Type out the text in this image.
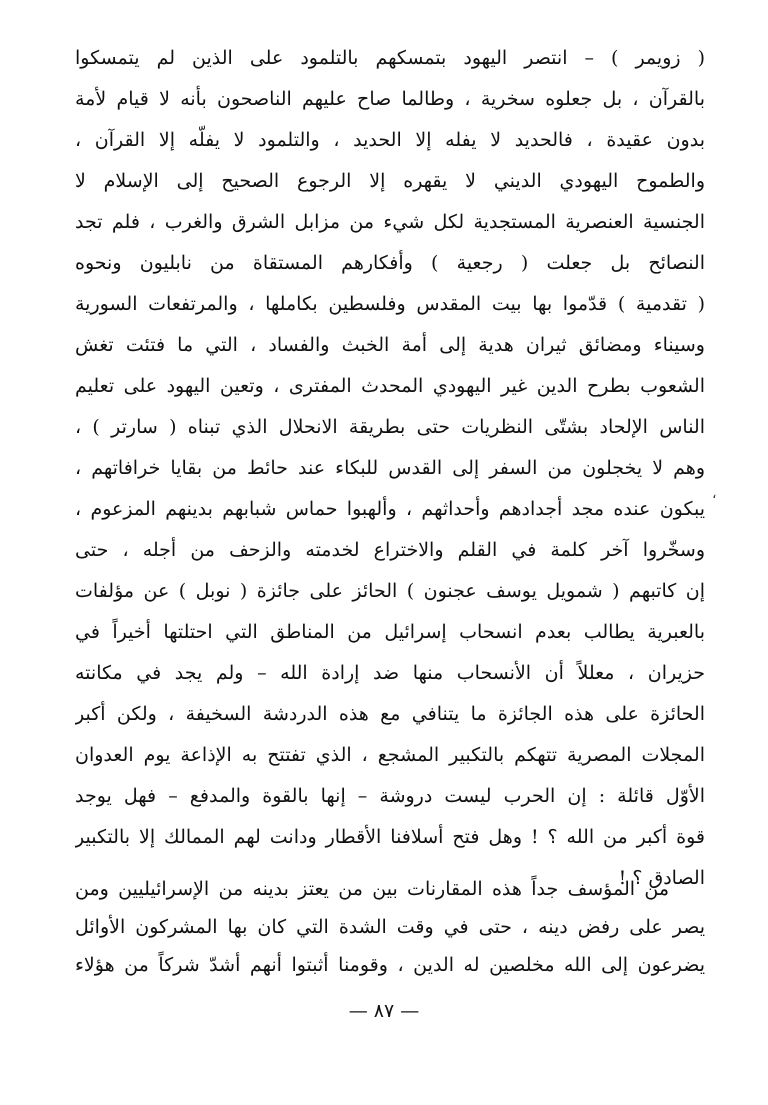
( زويمر ) – انتصر اليهود بتمسكهم بالتلمود على الذين لم يتمسكوا
بالقرآن ، بل جعلوه سخرية ، وطالما صاح عليهم الناصحون بأنه لا قيام لأمة
بدون عقيدة ، فالحديد لا يفله إلا الحديد ، والتلمود لا يفلّه إلا القرآن ،
والطموح اليهودي الديني لا يقهره إلا الرجوع الصحيح إلى الإسلام لا
الجنسية العنصرية المستجدية لكل شيء من مزابل الشرق والغرب ، فلم تجد
النصائح بل جعلت ( رجعية ) وأفكارهم المستقاة من نابليون ونحوه
( تقدمية ) قدّموا بها بيت المقدس وفلسطين بكاملها ، والمرتفعات السورية
وسيناء ومضائق ثيران هدية إلى أمة الخبث والفساد ، التي ما فتئت تغش
الشعوب بطرح الدين غير اليهودي المحدث المفترى ، وتعين اليهود على تعليم
الناس الإلحاد بشتّى النظريات حتى بطريقة الانحلال الذي تبناه ( سارتر ) ،
وهم لا يخجلون من السفر إلى القدس للبكاء عند حائط من بقايا خرافاتهم ،
يبكون عنده مجد أجدادهم وأحداثهم ، وألهبوا حماس شبابهم بدينهم المزعوم ،
وسخّروا آخر كلمة في القلم والاختراع لخدمته والزحف من أجله ، حتى
إن كاتبهم ( شمويل يوسف عجنون ) الحائز على جائزة ( نوبل ) عن مؤلفات
بالعبرية يطالب بعدم انسحاب إسرائيل من المناطق التي احتلتها أخيراً في
حزيران ، معللاً أن الأنسحاب منها ضد إرادة الله – ولم يجد في مكانته
الحائزة على هذه الجائزة ما يتنافي مع هذه الدردشة السخيفة ، ولكن أكبر
المجلات المصرية تتهكم بالتكبير المشجع ، الذي تفتتح به الإذاعة يوم العدوان
الأوّل قائلة : إن الحرب ليست دروشة – إنها بالقوة والمدفع – فهل يوجد
قوة أكبر من الله ؟ ! وهل فتح أسلافنا الأقطار ودانت لهم الممالك إلا بالتكبير
الصادق ؟ !
،
من المؤسف جداً هذه المقارنات بين من يعتز بدينه من الإسرائيليين ومن
يصر على رفض دينه ، حتى في وقت الشدة التي كان بها المشركون الأوائل
يضرعون إلى الله مخلصين له الدين ، وقومنا أثبتوا أنهم أشدّ شركاً من هؤلاء
— ٨٧ —
